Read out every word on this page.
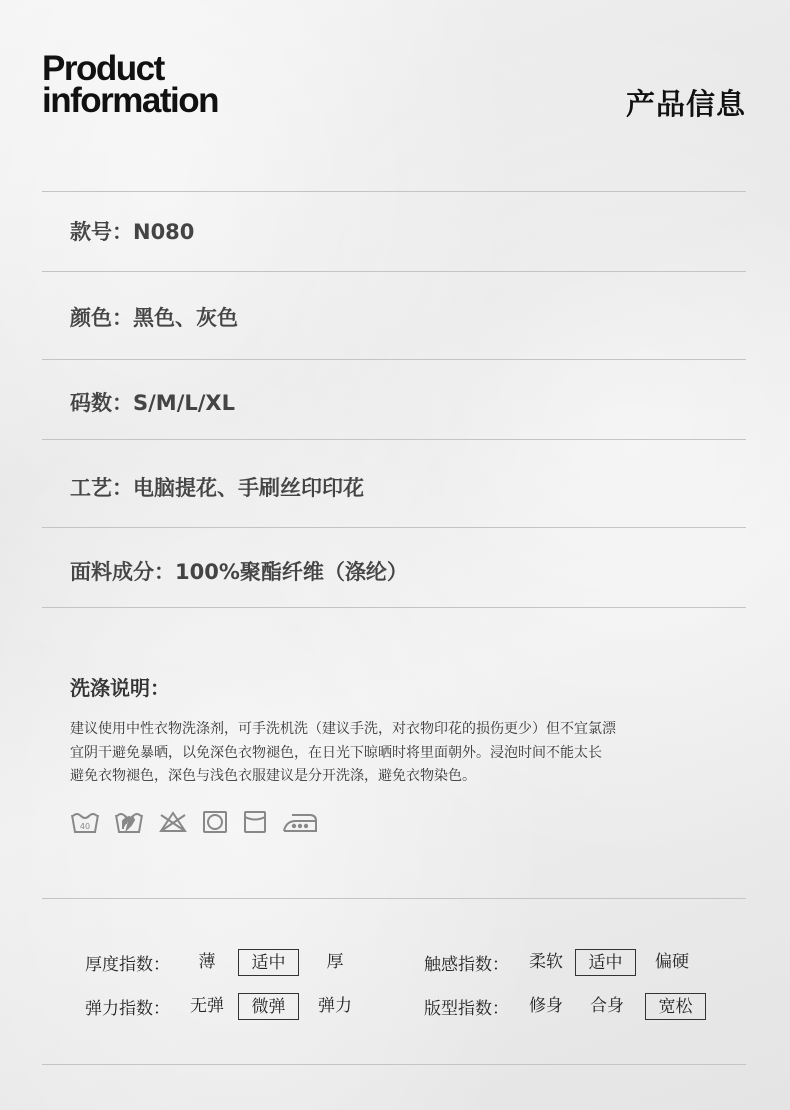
Product
information	产品信息
款号：N080
颜色：黑色、灰色
码数：S/M/L/XL
工艺：电脑提花、手刷丝印印花
面料成分：100%聚酯纤维（涤纶）
洗涤说明：
建议使用中性衣物洗涤剂，可手洗机洗（建议手洗，对衣物印花的损伤更少）但不宜氯漂
宜阴干避免暴晒，以免深色衣物褪色，在日光下晾晒时将里面朝外。浸泡时间不能太长
避免衣物褪色，深色与浅色衣服建议是分开洗涤，避免衣物染色。
40
厚度指数：	薄	适中	厚
弹力指数：	无弹	微弹	弹力
触感指数：	柔软	适中	偏硬
版型指数：	修身 合身	宽松
